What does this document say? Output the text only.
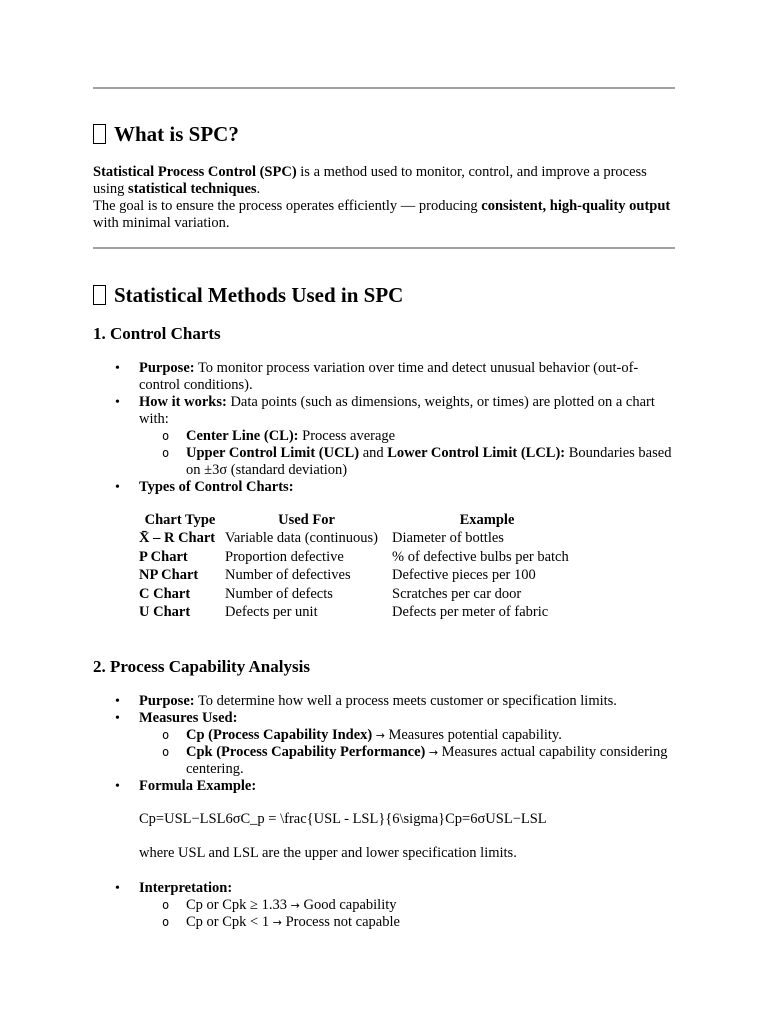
What is SPC?
Statistical Process Control (SPC) is a method used to monitor, control, and improve a process using statistical techniques.
The goal is to ensure the process operates efficiently — producing consistent, high-quality output with minimal variation.
Statistical Methods Used in SPC
1. Control Charts
• Purpose: To monitor process variation over time and detect unusual behavior (out-of-control conditions).
• How it works: Data points (such as dimensions, weights, or times) are plotted on a chart with:
o Center Line (CL): Process average
o Upper Control Limit (UCL) and Lower Control Limit (LCL): Boundaries based on ±3σ (standard deviation)
• Types of Control Charts:
Chart Type	Used For	Example
X̄ – R Chart	Variable data (continuous)	Diameter of bottles
P Chart	Proportion defective	% of defective bulbs per batch
NP Chart	Number of defectives	Defective pieces per 100
C Chart	Number of defects	Scratches per car door
U Chart	Defects per unit	Defects per meter of fabric
2. Process Capability Analysis
• Purpose: To determine how well a process meets customer or specification limits.
• Measures Used:
o Cp (Process Capability Index) → Measures potential capability.
o Cpk (Process Capability Performance) → Measures actual capability considering centering.
• Formula Example:
Cp=USL−LSL6σC_p = \frac{USL - LSL}{6\sigma}Cp=6σUSL−LSL
where USL and LSL are the upper and lower specification limits.
• Interpretation:
o Cp or Cpk ≥ 1.33 → Good capability
o Cp or Cpk < 1 → Process not capable
